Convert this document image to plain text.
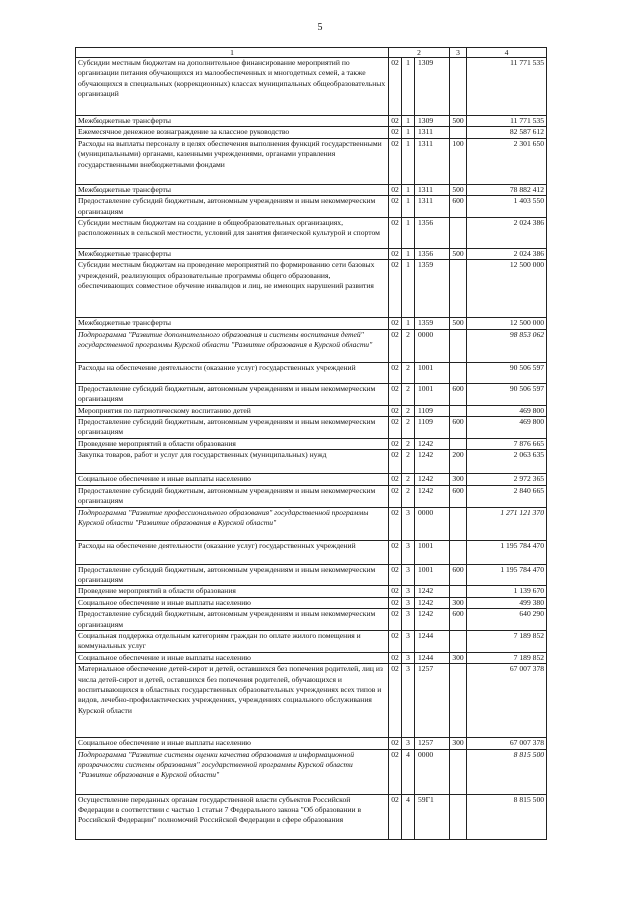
5
1	2			3	4
Субсидии местным бюджетам на дополнительное финансирование мероприятий по организации питания обучающихся из малообеспеченных и многодетных семей, а также обучающихся в специальных (коррекционных) классах муниципальных общеобразовательных организаций	02	1	1309		11 771 535
Межбюджетные трансферты	02	1	1309	500	11 771 535
Ежемесячное денежное вознаграждение за классное руководство	02	1	1311		82 587 612
Расходы на выплаты персоналу в целях обеспечения выполнения функций государственными (муниципальными) органами, казенными учреждениями, органами управления государственными внебюджетными фондами	02	1	1311	100	2 301 650
Межбюджетные трансферты	02	1	1311	500	78 882 412
Предоставление субсидий бюджетным, автономным учреждениям и иным некоммерческим организациям	02	1	1311	600	1 403 550
Субсидии местным бюджетам на создание в общеобразовательных организациях, расположенных в сельской местности, условий для занятия физической культурой и спортом	02	1	1356		2 024 386
Межбюджетные трансферты	02	1	1356	500	2 024 386
Субсидии местным бюджетам на проведение мероприятий по формированию сети базовых учреждений, реализующих образовательные программы общего образования, обеспечивающих совместное обучение инвалидов и лиц, не имеющих нарушений развития	02	1	1359		12 500 000
Межбюджетные трансферты	02	1	1359	500	12 500 000
Подпрограмма "Развитие дополнительного образования и системы воспитания детей" государственной программы Курской области "Развитие образования в Курской области"	02	2	0000		98 853 062
Расходы на обеспечение деятельности (оказание услуг) государственных учреждений	02	2	1001		90 506 597
Предоставление субсидий бюджетным, автономным учреждениям и иным некоммерческим организациям	02	2	1001	600	90 506 597
Мероприятия по патриотическому воспитанию детей	02	2	1109		469 800
Предоставление субсидий бюджетным, автономным учреждениям и иным некоммерческим организациям	02	2	1109	600	469 800
Проведение мероприятий в области образования	02	2	1242		7 876 665
Закупка товаров, работ и услуг для государственных (муниципальных) нужд	02	2	1242	200	2 063 635
Социальное обеспечение и иные выплаты населению	02	2	1242	300	2 972 365
Предоставление субсидий бюджетным, автономным учреждениям и иным некоммерческим организациям	02	2	1242	600	2 840 665
Подпрограмма "Развитие профессионального образования" государственной программы Курской области "Развитие образования в Курской области"	02	3	0000		1 271 121 370
Расходы на обеспечение деятельности (оказание услуг) государственных учреждений	02	3	1001		1 195 784 470
Предоставление субсидий бюджетным, автономным учреждениям и иным некоммерческим организациям	02	3	1001	600	1 195 784 470
Проведение мероприятий в области образования	02	3	1242		1 139 670
Социальное обеспечение и иные выплаты населению	02	3	1242	300	499 380
Предоставление субсидий бюджетным, автономным учреждениям и иным некоммерческим организациям	02	3	1242	600	640 290
Социальная поддержка отдельным категориям граждан по оплате жилого помещения и коммунальных услуг	02	3	1244		7 189 852
Социальное обеспечение и иные выплаты населению	02	3	1244	300	7 189 852
Материальное обеспечение детей-сирот и детей, оставшихся без попечения родителей, лиц из числа детей-сирот и детей, оставшихся без попечения родителей, обучающихся и воспитывающихся в областных государственных образовательных учреждениях всех типов и видов, лечебно-профилактических учреждениях, учреждениях социального обслуживания Курской области	02	3	1257		67 007 378
Социальное обеспечение и иные выплаты населению	02	3	1257	300	67 007 378
Подпрограмма "Развитие системы оценки качества образования и информационной прозрачности системы образования" государственной программы Курской области "Развитие образования в Курской области"	02	4	0000		8 815 500
Осуществление переданных органам государственной власти субъектов Российской Федерации в соответствии с частью 1 статьи 7 Федерального закона "Об образовании в Российской Федерации" полномочий Российской Федерации в сфере образования	02	4	59Г1		8 815 500
